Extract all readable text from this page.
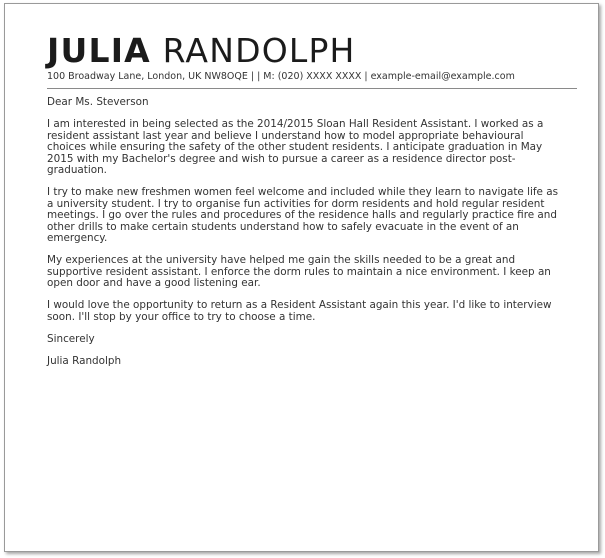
JULIA RANDOLPH
100 Broadway Lane, London, UK NW8OQE | | M: (020) XXXX XXXX | example-email@example.com

Dear Ms. Steverson

I am interested in being selected as the 2014/2015 Sloan Hall Resident Assistant. I worked as a resident assistant last year and believe I understand how to model appropriate behavioural choices while ensuring the safety of the other student residents. I anticipate graduation in May 2015 with my Bachelor's degree and wish to pursue a career as a residence director post-graduation.

I try to make new freshmen women feel welcome and included while they learn to navigate life as a university student. I try to organise fun activities for dorm residents and hold regular resident meetings. I go over the rules and procedures of the residence halls and regularly practice fire and other drills to make certain students understand how to safely evacuate in the event of an emergency.

My experiences at the university have helped me gain the skills needed to be a great and supportive resident assistant. I enforce the dorm rules to maintain a nice environment. I keep an open door and have a good listening ear.

I would love the opportunity to return as a Resident Assistant again this year. I'd like to interview soon. I'll stop by your office to try to choose a time.

Sincerely

Julia Randolph
